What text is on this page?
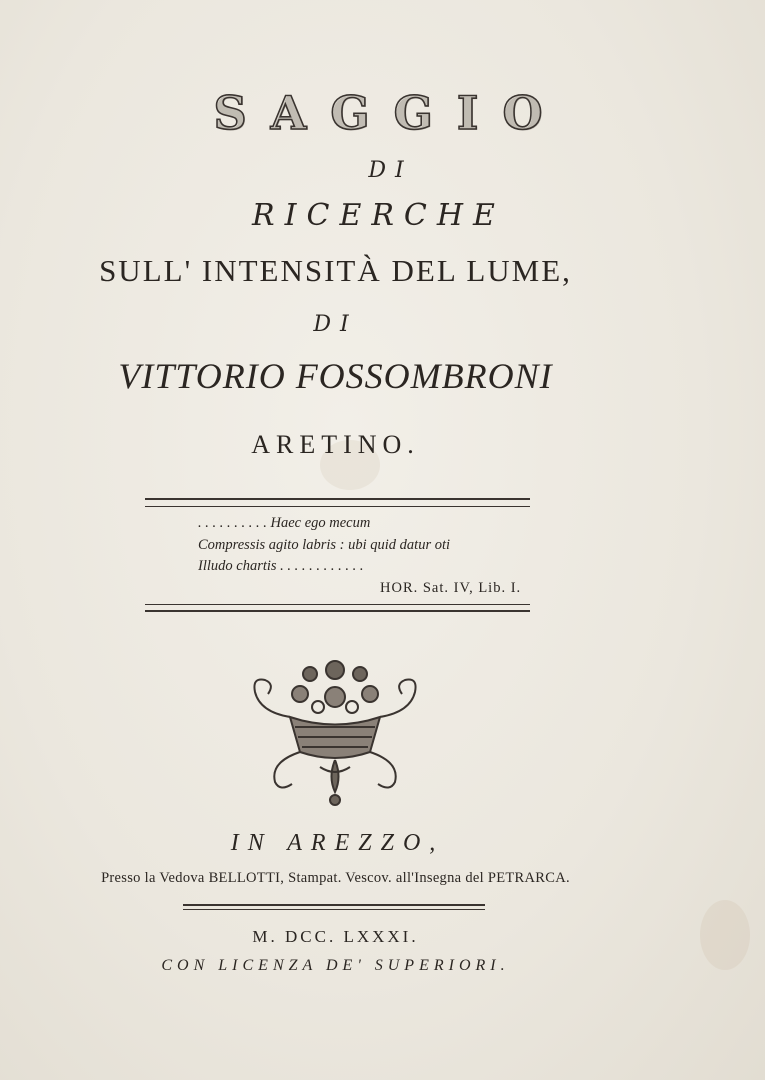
SAGGIO
DI
RICERCHE
SULL' INTENSITÀ DEL LUME,
DI
VITTORIO FOSSOMBRONI
ARETINO.
. . . . . . . . . . Haec ego mecum
Compressis agito labris : ubi quid datur oti
Illudo chartis . . . . . . . . . . . .
HOR. Sat. IV, Lib. I.
IN AREZZO,
Presso la Vedova BELLOTTI, Stampat. Vescov. all'Insegna del PETRARCA.
M. DCC. LXXXI.
CON LICENZA DE' SUPERIORI.
